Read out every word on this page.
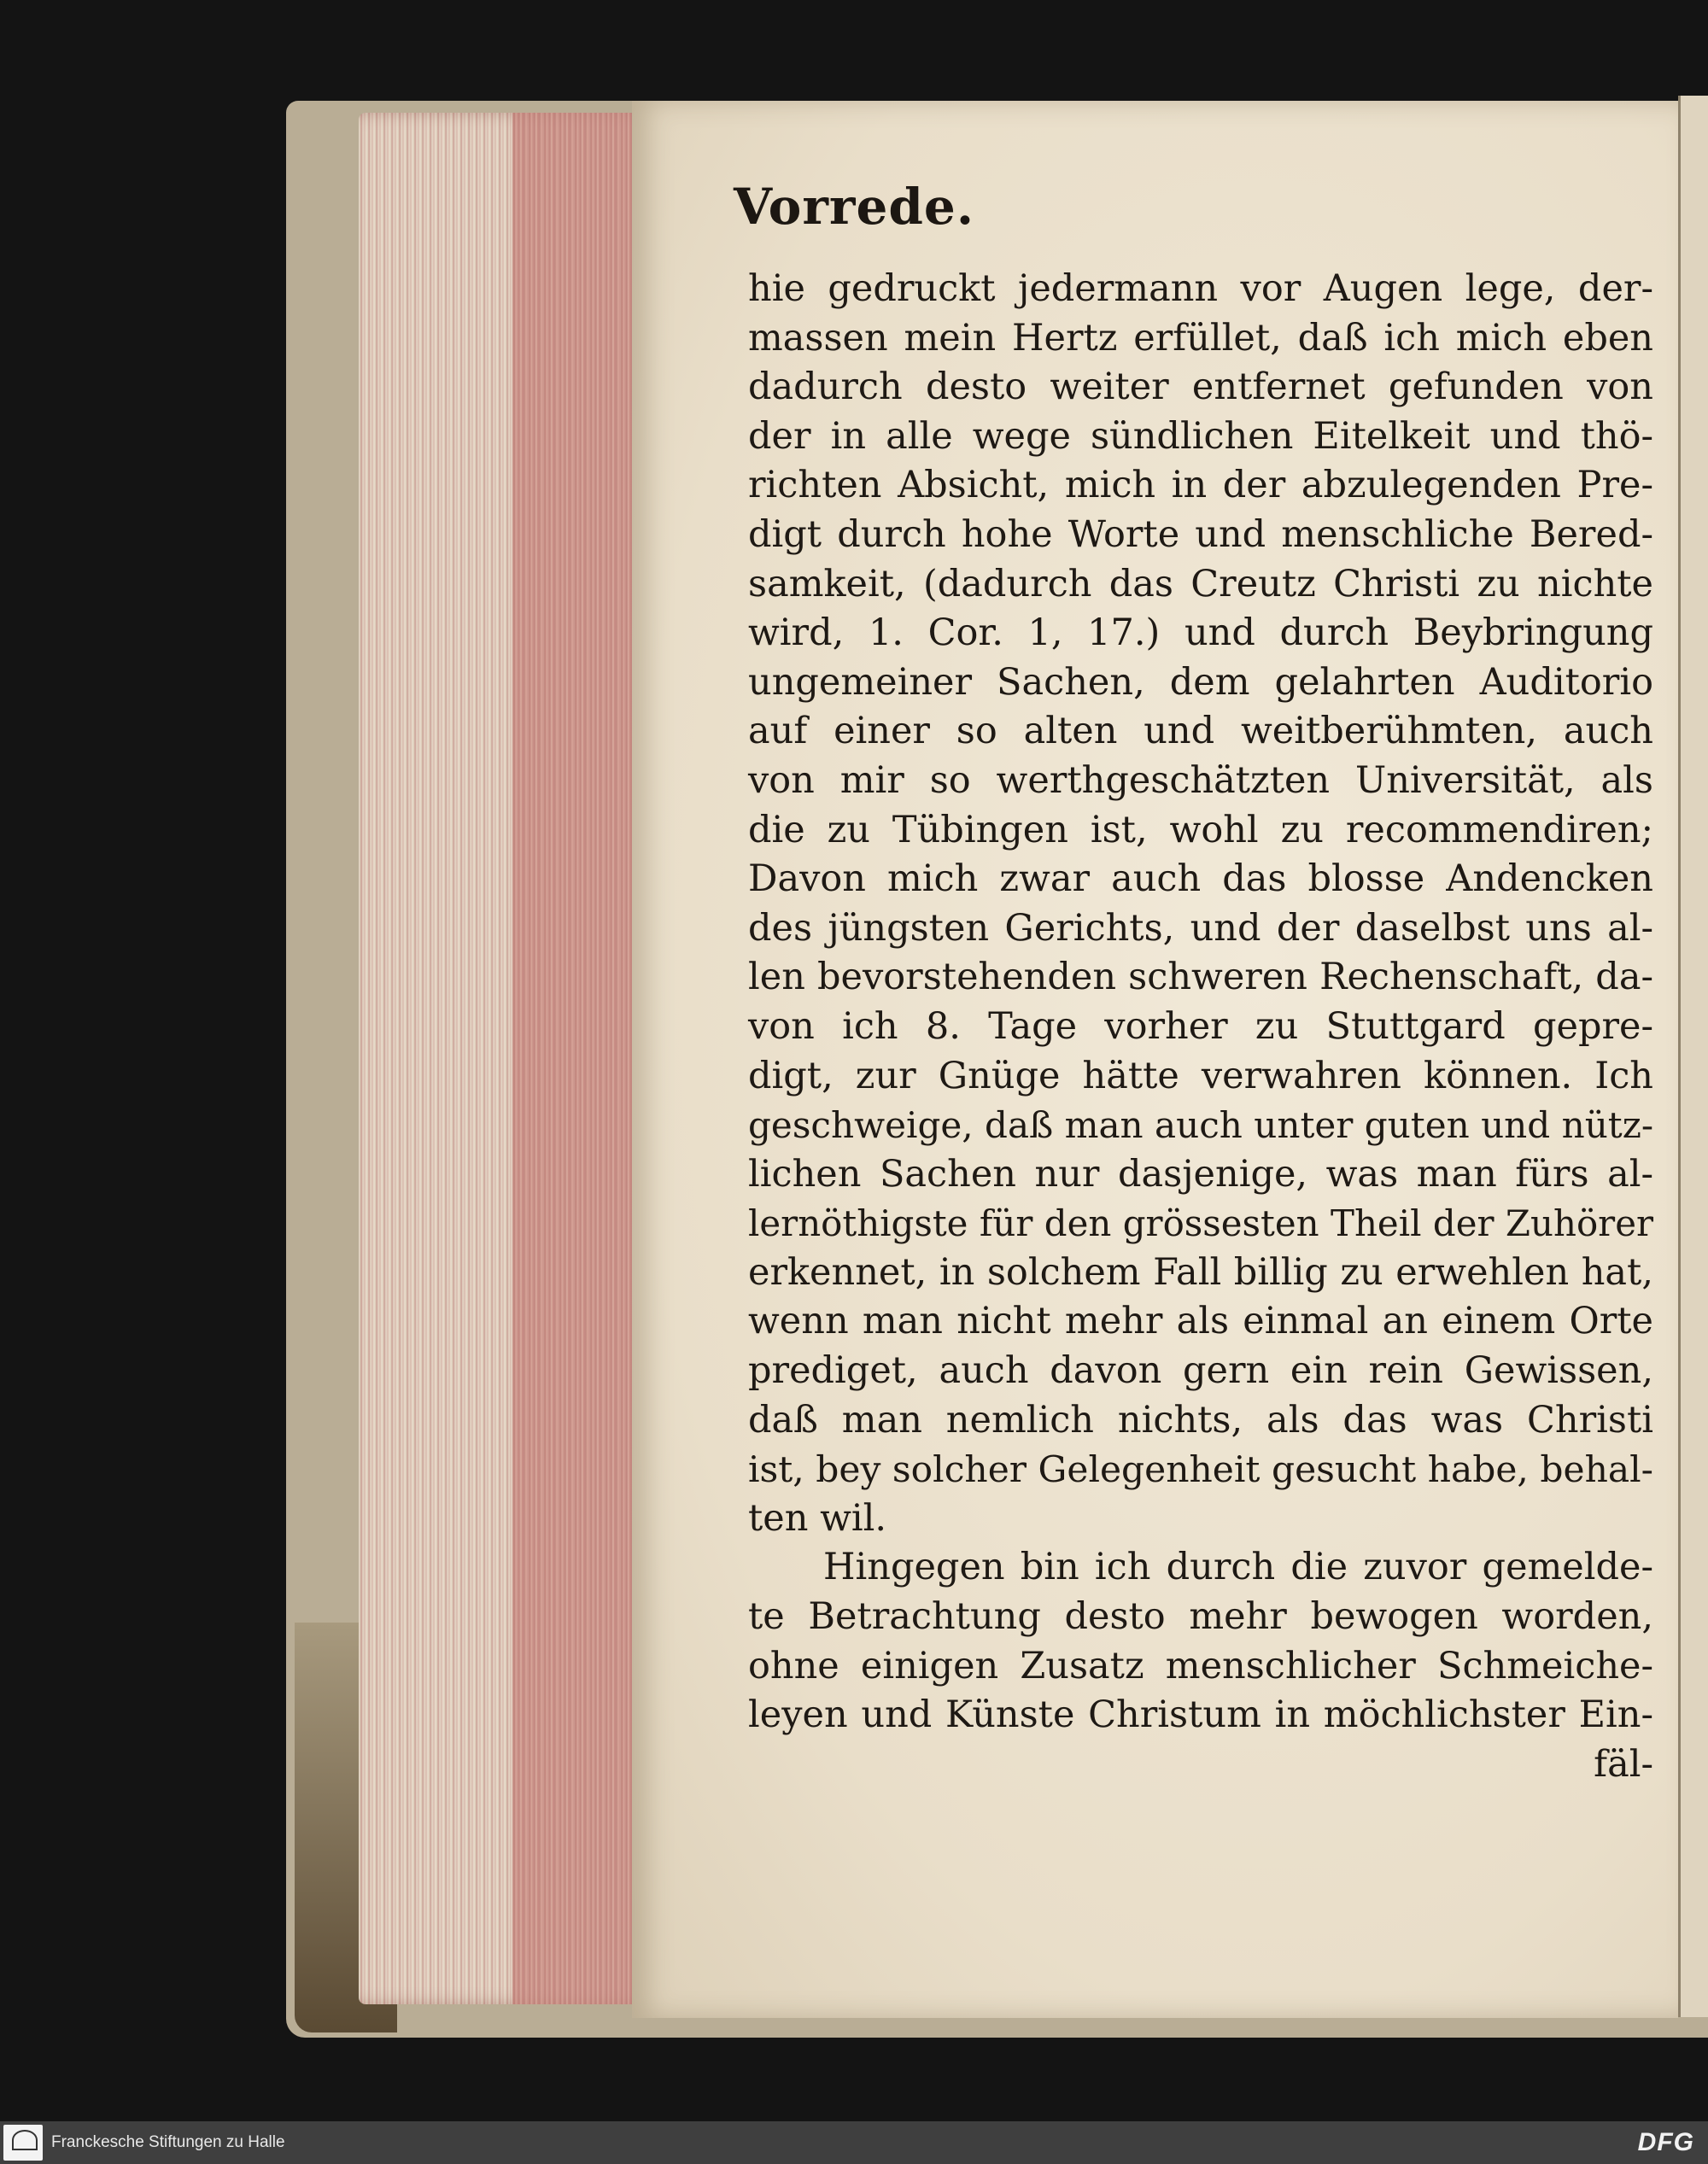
Vorrede.
hie gedruckt jedermann vor Augen lege, der-
massen mein Hertz erfüllet, daß ich mich eben
dadurch desto weiter entfernet gefunden von
der in alle wege sündlichen Eitelkeit und thö-
richten Absicht, mich in der abzulegenden Pre-
digt durch hohe Worte und menschliche Bered-
samkeit, (dadurch das Creutz Christi zu nichte
wird, 1. Cor. 1, 17.) und durch Beybringung
ungemeiner Sachen, dem gelahrten Auditorio
auf einer so alten und weitberühmten, auch
von mir so werthgeschätzten Universität, als
die zu Tübingen ist, wohl zu recommendiren;
Davon mich zwar auch das blosse Andencken
des jüngsten Gerichts, und der daselbst uns al-
len bevorstehenden schweren Rechenschaft, da-
von ich 8. Tage vorher zu Stuttgard gepre-
digt, zur Gnüge hätte verwahren können. Ich
geschweige, daß man auch unter guten und nütz-
lichen Sachen nur dasjenige, was man fürs al-
lernöthigste für den grössesten Theil der Zuhörer
erkennet, in solchem Fall billig zu erwehlen hat,
wenn man nicht mehr als einmal an einem Orte
prediget, auch davon gern ein rein Gewissen,
daß man nemlich nichts, als das was Christi
ist, bey solcher Gelegenheit gesucht habe, behal-
ten wil.
Hingegen bin ich durch die zuvor gemelde-
te Betrachtung desto mehr bewogen worden,
ohne einigen Zusatz menschlicher Schmeiche-
leyen und Künste Christum in möchlichster Ein-
fäl-
Franckesche Stiftungen zu Halle	DFG
